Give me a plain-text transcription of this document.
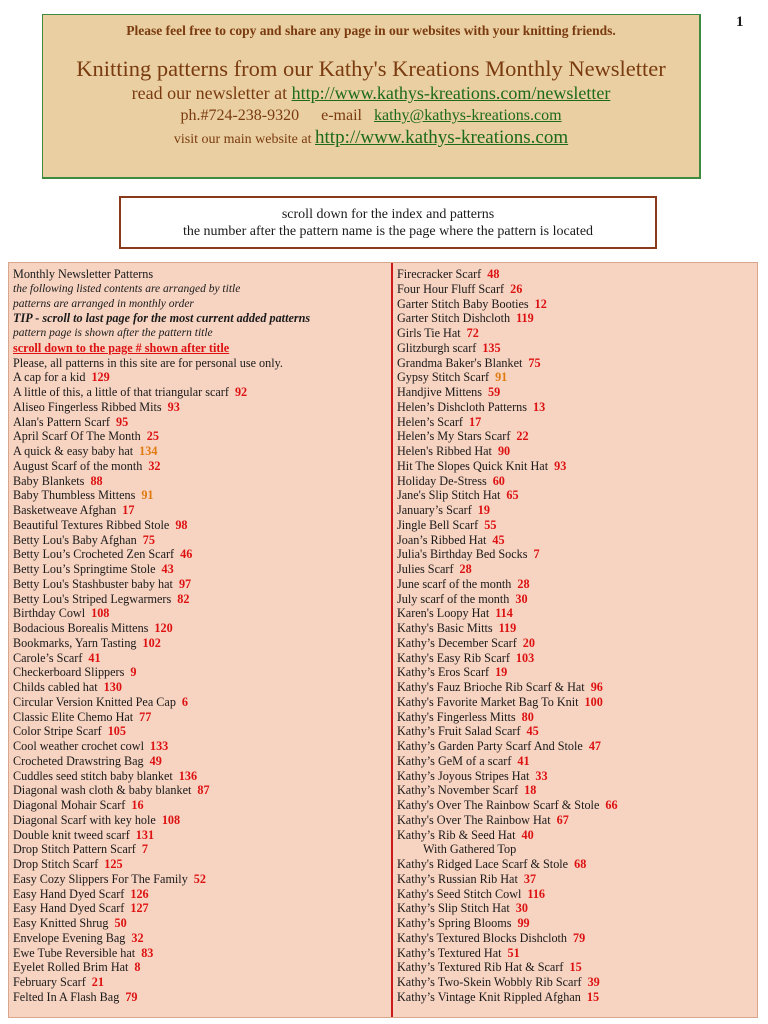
1
Please feel free to copy and share any page in our websites with your knitting friends.
Knitting patterns from our Kathy's Kreations Monthly Newsletter
read our newsletter at http://www.kathys-kreations.com/newsletter
ph.#724-238-9320 e-mail kathy@kathys-kreations.com
visit our main website at http://www.kathys-kreations.com
scroll down for the index and patterns
the number after the pattern name is the page where the pattern is located
Monthly Newsletter Patterns
the following listed contents are arranged by title
patterns are arranged in monthly order
TIP - scroll to last page for the most current added patterns
pattern page is shown after the pattern title
scroll down to the page # shown after title
Please, all patterns in this site are for personal use only.
A cap for a kid 129
A little of this, a little of that triangular scarf 92
Aliseo Fingerless Ribbed Mits 93
Alan's Pattern Scarf 95
April Scarf Of The Month 25
A quick & easy baby hat 134
August Scarf of the month 32
Baby Blankets 88
Baby Thumbless Mittens 91
Basketweave Afghan 17
Beautiful Textures Ribbed Stole 98
Betty Lou's Baby Afghan 75
Betty Lou’s Crocheted Zen Scarf 46
Betty Lou’s Springtime Stole 43
Betty Lou's Stashbuster baby hat 97
Betty Lou's Striped Legwarmers 82
Birthday Cowl 108
Bodacious Borealis Mittens 120
Bookmarks, Yarn Tasting 102
Carole’s Scarf 41
Checkerboard Slippers 9
Childs cabled hat 130
Circular Version Knitted Pea Cap 6
Classic Elite Chemo Hat 77
Color Stripe Scarf 105
Cool weather crochet cowl 133
Crocheted Drawstring Bag 49
Cuddles seed stitch baby blanket 136
Diagonal wash cloth & baby blanket 87
Diagonal Mohair Scarf 16
Diagonal Scarf with key hole 108
Double knit tweed scarf 131
Drop Stitch Pattern Scarf 7
Drop Stitch Scarf 125
Easy Cozy Slippers For The Family 52
Easy Hand Dyed Scarf 126
Easy Hand Dyed Scarf 127
Easy Knitted Shrug 50
Envelope Evening Bag 32
Ewe Tube Reversible hat 83
Eyelet Rolled Brim Hat 8
February Scarf 21
Felted In A Flash Bag 79
Firecracker Scarf 48
Four Hour Fluff Scarf 26
Garter Stitch Baby Booties 12
Garter Stitch Dishcloth 119
Girls Tie Hat 72
Glitzburgh scarf 135
Grandma Baker's Blanket 75
Gypsy Stitch Scarf 91
Handjive Mittens 59
Helen’s Dishcloth Patterns 13
Helen’s Scarf 17
Helen’s My Stars Scarf 22
Helen's Ribbed Hat 90
Hit The Slopes Quick Knit Hat 93
Holiday De-Stress 60
Jane's Slip Stitch Hat 65
January’s Scarf 19
Jingle Bell Scarf 55
Joan’s Ribbed Hat 45
Julia's Birthday Bed Socks 7
Julies Scarf 28
June scarf of the month 28
July scarf of the month 30
Karen's Loopy Hat 114
Kathy's Basic Mitts 119
Kathy’s December Scarf 20
Kathy's Easy Rib Scarf 103
Kathy’s Eros Scarf 19
Kathy's Fauz Brioche Rib Scarf & Hat 96
Kathy's Favorite Market Bag To Knit 100
Kathy's Fingerless Mitts 80
Kathy’s Fruit Salad Scarf 45
Kathy’s Garden Party Scarf And Stole 47
Kathy’s GeM of a scarf 41
Kathy’s Joyous Stripes Hat 33
Kathy’s November Scarf 18
Kathy's Over The Rainbow Scarf & Stole 66
Kathy's Over The Rainbow Hat 67
Kathy’s Rib & Seed Hat 40
With Gathered Top
Kathy's Ridged Lace Scarf & Stole 68
Kathy’s Russian Rib Hat 37
Kathy's Seed Stitch Cowl 116
Kathy’s Slip Stitch Hat 30
Kathy’s Spring Blooms 99
Kathy's Textured Blocks Dishcloth 79
Kathy’s Textured Hat 51
Kathy’s Textured Rib Hat & Scarf 15
Kathy’s Two-Skein Wobbly Rib Scarf 39
Kathy’s Vintage Knit Rippled Afghan 15
